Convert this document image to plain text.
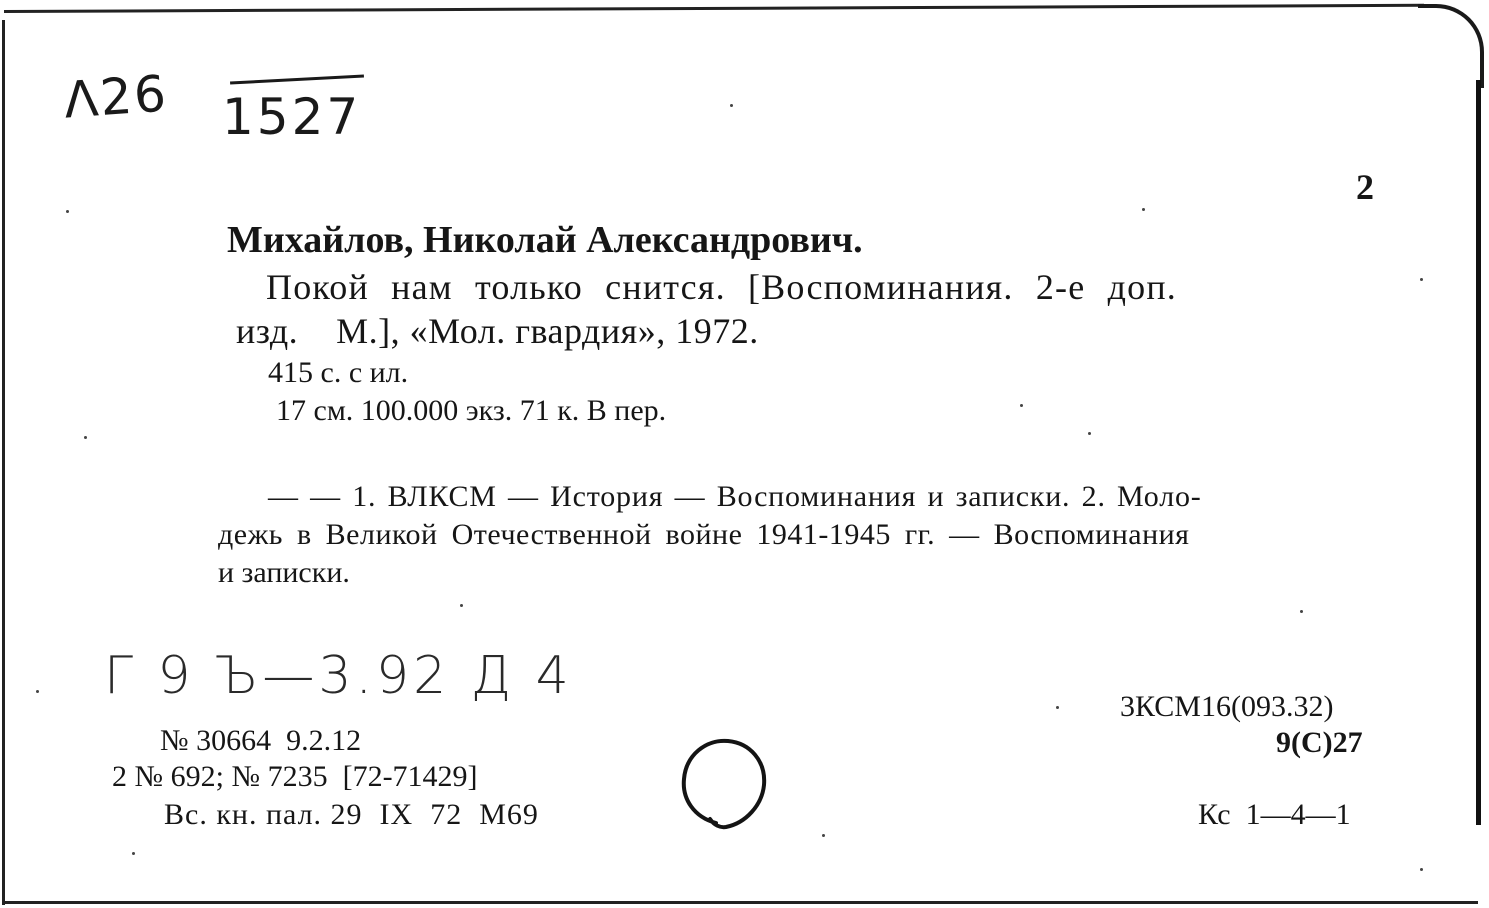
Λ26 1527
2
Михайлов, Николай Александрович.
Покой нам только снится. [Воспоминания. 2-е доп.
изд.    М.], «Мол. гвардия», 1972.
415 с. с ил.
17 см. 100.000 экз. 71 к. В пер.
— — 1. ВЛКСМ — История — Воспоминания и записки. 2. Моло-
дежь в Великой Отечественной войне 1941-1945 гг. — Воспоминания
и записки.
Г 9 Ъ—3.92 Д 4
№ 30664  9.2.12
2 № 692; № 7235  [72-71429]
Вс. кн. пал. 29  IX  72  М69
3КСМ16(093.32)
9(С)27
Кс  1—4—1
